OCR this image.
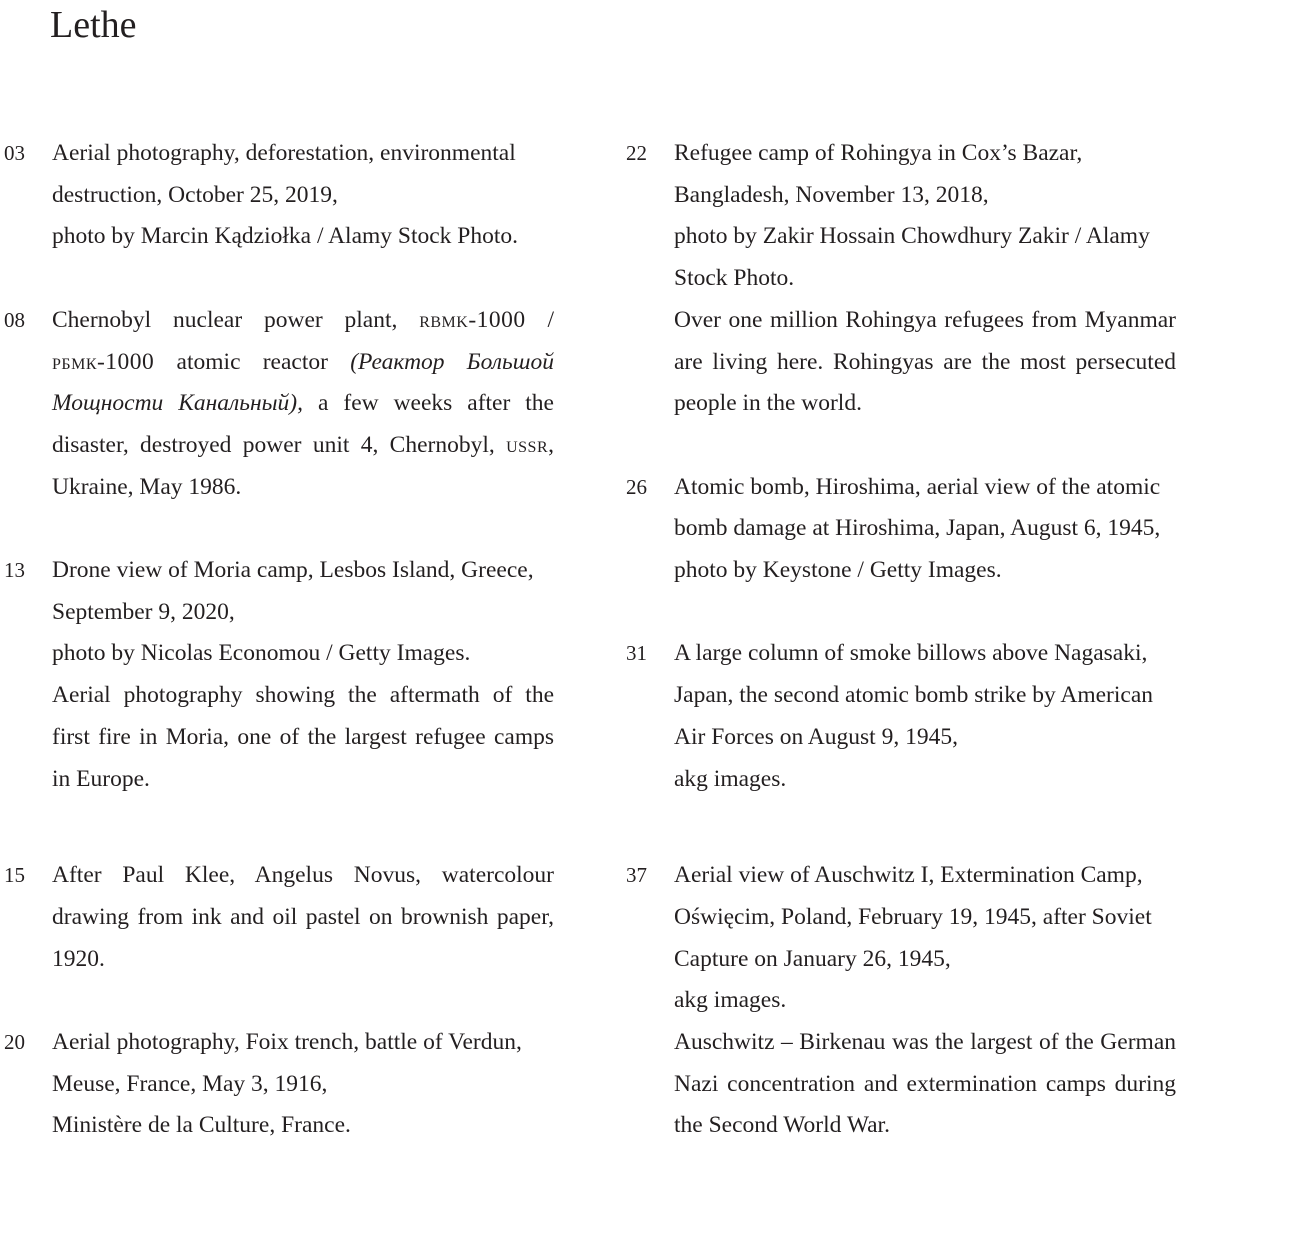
Lethe
03	Aerial photography, deforestation, environmental destruction, October 25, 2019,

photo by Marcin Kądziołka / Alamy Stock Photo.

08	Chernobyl nuclear power plant, rbmk-1000 / рбмк-1000 atomic reactor (Реактор Большой Мощности Канальный), a few weeks after the disaster, destroyed power unit 4, Chernobyl, ussr, Ukraine, May 1986.

13	Drone view of Moria camp, Lesbos Island, Greece, September 9, 2020,

photo by Nicolas Economou / Getty Images.

Aerial photography showing the aftermath of the first fire in Moria, one of the largest refugee camps in Europe.

15	After Paul Klee, Angelus Novus, watercolour drawing from ink and oil pastel on brownish paper, 1920.

20	Aerial photography, Foix trench, battle of Verdun, Meuse, France, May 3, 1916,

Ministère de la Culture, France.

22	Refugee camp of Rohingya in Cox’s Bazar, Bangladesh, November 13, 2018,

photo by Zakir Hossain Chowdhury Zakir / Alamy Stock Photo.

Over one million Rohingya refugees from Myanmar are living here. Rohingyas are the most persecuted people in the world.

26	Atomic bomb, Hiroshima, aerial view of the atomic bomb damage at Hiroshima, Japan, August 6, 1945,

photo by Keystone / Getty Images.

31	A large column of smoke billows above Nagasaki, Japan, the second atomic bomb strike by American Air Forces on August 9, 1945,

akg images.

37	Aerial view of Auschwitz I, Extermination Camp, Oświęcim, Poland, February 19, 1945, after Soviet Capture on January 26, 1945,

akg images.

Auschwitz – Birkenau was the largest of the German Nazi concentration and extermination camps during the Second World War.
